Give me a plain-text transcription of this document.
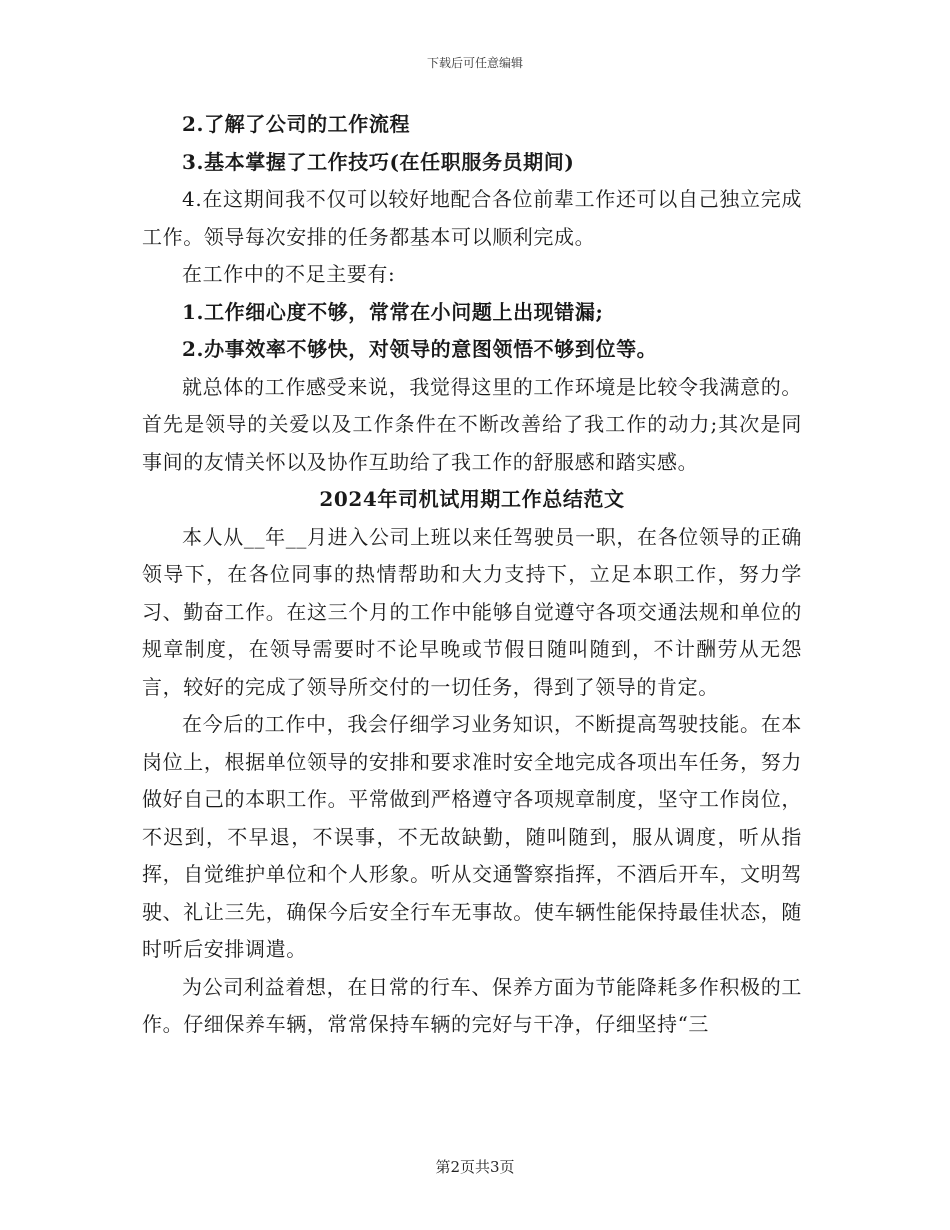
下载后可任意编辑

2.了解了公司的工作流程

3.基本掌握了工作技巧(在任职服务员期间)

4.在这期间我不仅可以较好地配合各位前辈工作还可以自己独立完成工作。领导每次安排的任务都基本可以顺利完成。

在工作中的不足主要有:

1.工作细心度不够，常常在小问题上出现错漏;

2.办事效率不够快，对领导的意图领悟不够到位等。

就总体的工作感受来说，我觉得这里的工作环境是比较令我满意的。首先是领导的关爱以及工作条件在不断改善给了我工作的动力;其次是同事间的友情关怀以及协作互助给了我工作的舒服感和踏实感。

2024年司机试用期工作总结范文

本人从__年__月进入公司上班以来任驾驶员一职，在各位领导的正确领导下，在各位同事的热情帮助和大力支持下，立足本职工作，努力学习、勤奋工作。在这三个月的工作中能够自觉遵守各项交通法规和单位的规章制度，在领导需要时不论早晚或节假日随叫随到，不计酬劳从无怨言，较好的完成了领导所交付的一切任务，得到了领导的肯定。

在今后的工作中，我会仔细学习业务知识，不断提高驾驶技能。在本岗位上，根据单位领导的安排和要求准时安全地完成各项出车任务，努力做好自己的本职工作。平常做到严格遵守各项规章制度，坚守工作岗位，不迟到，不早退，不误事，不无故缺勤，随叫随到，服从调度，听从指挥，自觉维护单位和个人形象。听从交通警察指挥，不酒后开车，文明驾驶、礼让三先，确保今后安全行车无事故。使车辆性能保持最佳状态，随时听后安排调遣。

为公司利益着想，在日常的行车、保养方面为节能降耗多作积极的工作。仔细保养车辆，常常保持车辆的完好与干净，仔细坚持“三

第2页共3页
